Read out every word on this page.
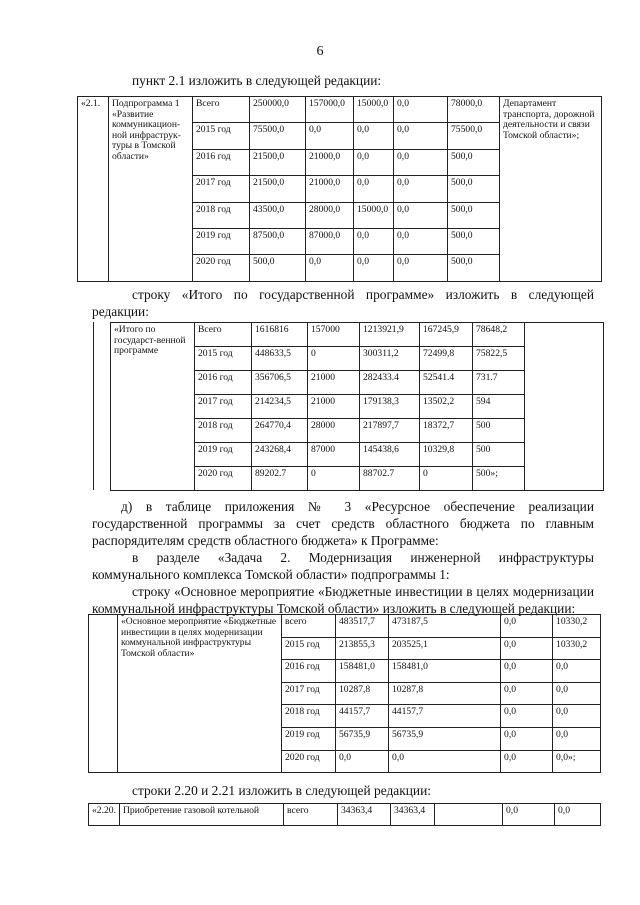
6
пункт 2.1 изложить в следующей редакции:
«2.1.	Подпрограмма 1 «Развитие коммуникацион-ной инфраструк-туры в Томской области»	Всего	250000,0	157000,0	15000,0	0,0	78000,0	Департамент транспорта, дорожной деятельности и связи Томской области»;
		2015 год	75500,0	0,0	0,0	0,0	75500,0	
		2016 год	21500,0	21000,0	0,0	0,0	500,0	
		2017 год	21500,0	21000,0	0,0	0,0	500,0	
		2018 год	43500,0	28000,0	15000,0	0,0	500,0	
		2019 год	87500,0	87000,0	0,0	0,0	500,0	
		2020 год	500,0	0,0	0,0	0,0	500,0	
строку «Итого по государственной программе» изложить в следующей
редакции:
«Итого по государст-венной программе	Всего	1616816	157000	1213921,9	167245,9	78648,2	
	2015 год	448633,5	0	300311,2	72499,8	75822,5	
	2016 год	356706,5	21000	282433.4	52541.4	731.7	
	2017 год	214234,5	21000	179138,3	13502,2	594	
	2018 год	264770,4	28000	217897,7	18372,7	500	
	2019 год	243268,4	87000	145438,6	10329,8	500	
	2020 год	89202.7	0	88702.7	0	500»;	
д) в таблице приложения № 3 «Ресурсное обеспечение реализации
государственной программы за счет средств областного бюджета по главным
распорядителям средств областного бюджета» к Программе:
в разделе «Задача 2. Модернизация инженерной инфраструктуры
коммунального комплекса Томской области» подпрограммы 1:
строку «Основное мероприятие «Бюджетные инвестиции в целях модернизации
коммунальной инфраструктуры Томской области» изложить в следующей редакции:
	«Основное мероприятие «Бюджетные инвестиции в целях модернизации коммунальной инфраструктуры Томской области»	всего	483517,7	473187,5	0,0	10330,2
		2015 год	213855,3	203525,1	0,0	10330,2
		2016 год	158481,0	158481,0	0,0	0,0
		2017 год	10287,8	10287,8	0,0	0,0
		2018 год	44157,7	44157,7	0,0	0,0
		2019 год	56735,9	56735,9	0,0	0,0
		2020 год	0,0	0,0	0,0	0,0»;
строки 2.20 и 2.21 изложить в следующей редакции:
«2.20.	Приобретение газовой котельной	всего	34363,4	34363,4		0,0	0,0
